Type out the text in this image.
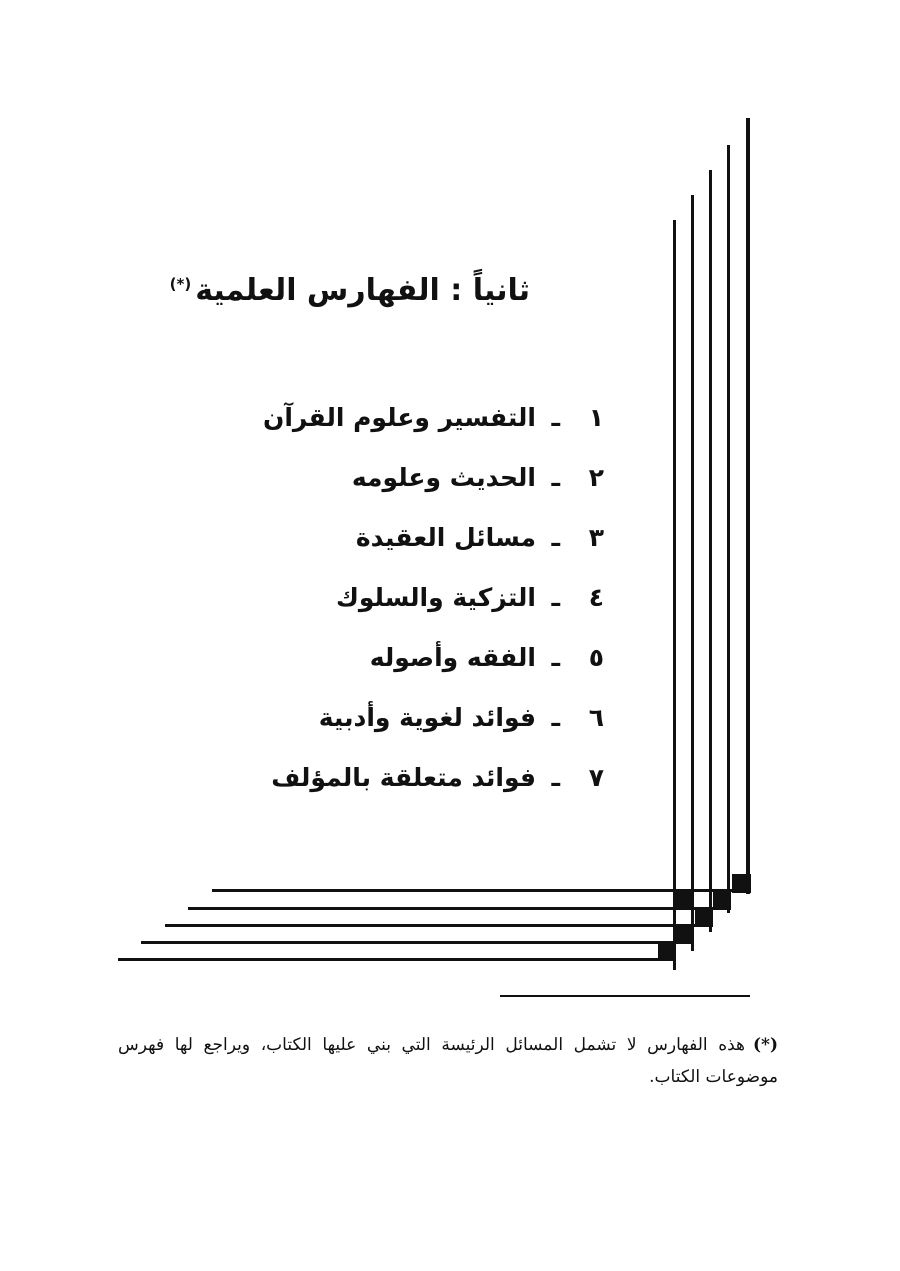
ثانياً : الفهارس العلمية(*)
١ـالتفسير وعلوم القرآن
٢ـالحديث وعلومه
٣ـمسائل العقيدة
٤ـالتزكية والسلوك
٥ـالفقه وأصوله
٦ـفوائد لغوية وأدبية
٧ـفوائد متعلقة بالمؤلف

(*)هذه الفهارس لا تشمل المسائل الرئيسة التي بني عليها الكتاب، ويراجع لها فهرس موضوعات الكتاب.
